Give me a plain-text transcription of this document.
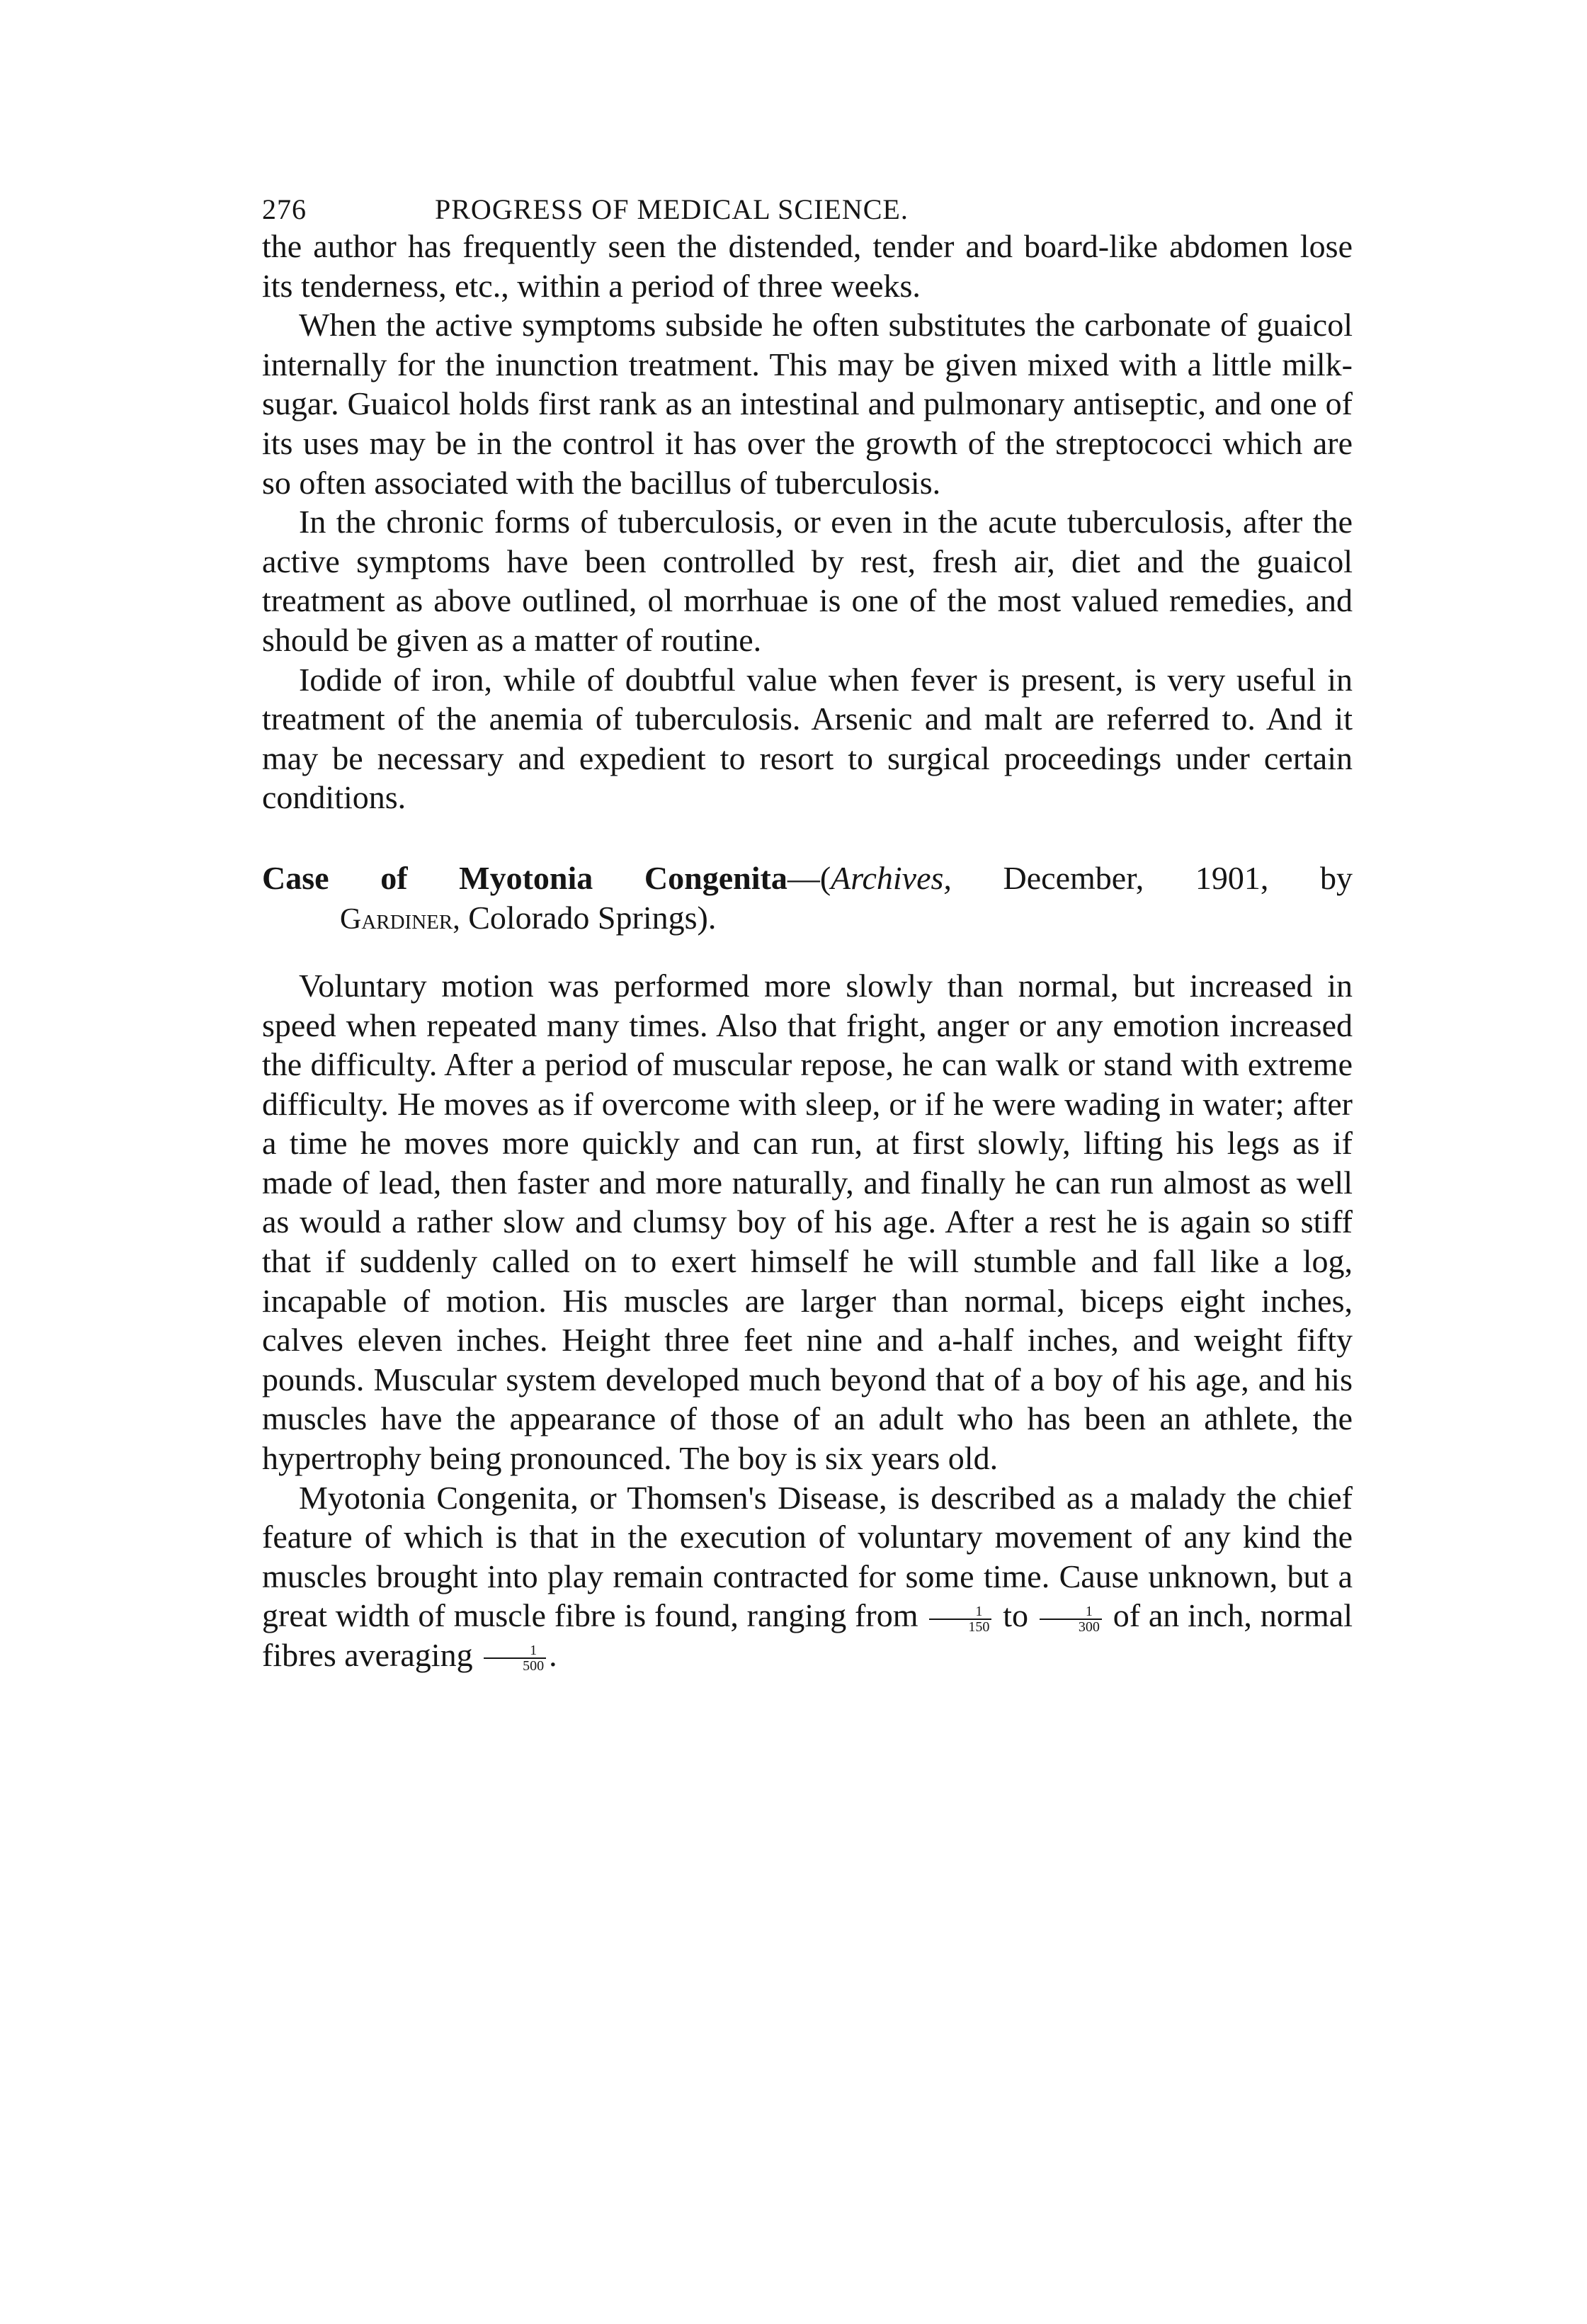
276	PROGRESS OF MEDICAL SCIENCE.

the author has frequently seen the distended, tender and board-like abdomen lose its tenderness, etc., within a period of three weeks.

When the active symptoms subside he often substitutes the carbonate of guaicol internally for the inunction treatment. This may be given mixed with a little milk-sugar. Guaicol holds first rank as an intestinal and pulmonary antiseptic, and one of its uses may be in the control it has over the growth of the streptococci which are so often associated with the bacillus of tuberculosis.

In the chronic forms of tuberculosis, or even in the acute tuberculosis, after the active symptoms have been controlled by rest, fresh air, diet and the guaicol treatment as above outlined, ol morrhuae is one of the most valued remedies, and should be given as a matter of routine.

Iodide of iron, while of doubtful value when fever is present, is very useful in treatment of the anemia of tuberculosis. Arsenic and malt are referred to. And it may be necessary and expedient to resort to surgical proceedings under certain conditions.

Case of Myotonia Congenita—(Archives, December, 1901, by
Gardiner, Colorado Springs).

Voluntary motion was performed more slowly than normal, but increased in speed when repeated many times. Also that fright, anger or any emotion increased the difficulty. After a period of muscular repose, he can walk or stand with extreme difficulty. He moves as if overcome with sleep, or if he were wading in water; after a time he moves more quickly and can run, at first slowly, lifting his legs as if made of lead, then faster and more naturally, and finally he can run almost as well as would a rather slow and clumsy boy of his age. After a rest he is again so stiff that if suddenly called on to exert himself he will stumble and fall like a log, incapable of motion. His muscles are larger than normal, biceps eight inches, calves eleven inches. Height three feet nine and a-half inches, and weight fifty pounds. Muscular system developed much beyond that of a boy of his age, and his muscles have the appearance of those of an adult who has been an athlete, the hypertrophy being pronounced. The boy is six years old.

Myotonia Congenita, or Thomsen's Disease, is described as a malady the chief feature of which is that in the execution of voluntary movement of any kind the muscles brought into play remain contracted for some time. Cause unknown, but a great width of muscle fibre is found, ranging from $\frac{1}{150}$ to $\frac{1}{300}$ of an inch, normal fibres averaging $\frac{1}{500}$ .
